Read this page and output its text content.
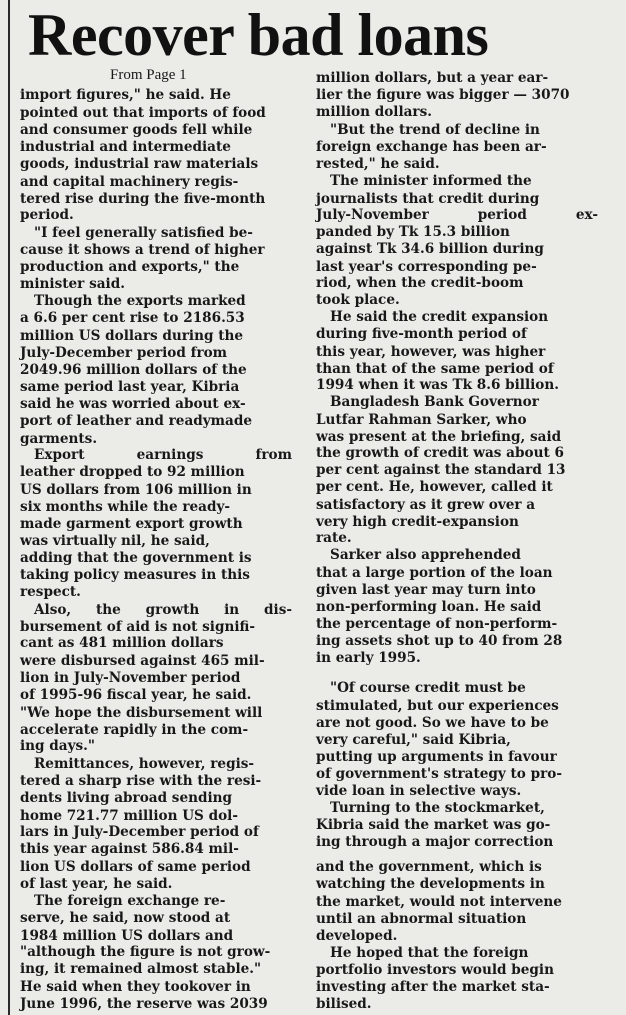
Recover bad loans
From Page 1
import figures," he said. He
pointed out that imports of food
and consumer goods fell while
industrial and intermediate
goods, industrial raw materials
and capital machinery regis-
tered rise during the five-month
period.
"I feel generally satisfied be-
cause it shows a trend of higher
production and exports," the
minister said.
Though the exports marked
a 6.6 per cent rise to 2186.53
million US dollars during the
July-December period from
2049.96 million dollars of the
same period last year, Kibria
said he was worried about ex-
port of leather and readymade
garments.
Export earnings from
leather dropped to 92 million
US dollars from 106 million in
six months while the ready-
made garment export growth
was virtually nil, he said,
adding that the government is
taking policy measures in this
respect.
Also, the growth in dis-
bursement of aid is not signifi-
cant as 481 million dollars
were disbursed against 465 mil-
lion in July-November period
of 1995-96 fiscal year, he said.
"We hope the disbursement will
accelerate rapidly in the com-
ing days."
Remittances, however, regis-
tered a sharp rise with the resi-
dents living abroad sending
home 721.77 million US dol-
lars in July-December period of
this year against 586.84 mil-
lion US dollars of same period
of last year, he said.
The foreign exchange re-
serve, he said, now stood at
1984 million US dollars and
"although the figure is not grow-
ing, it remained almost stable."
He said when they tookover in
June 1996, the reserve was 2039
million dollars, but a year ear-
lier the figure was bigger — 3070
million dollars.
"But the trend of decline in
foreign exchange has been ar-
rested," he said.
The minister informed the
journalists that credit during
July-November period ex-
panded by Tk 15.3 billion
against Tk 34.6 billion during
last year's corresponding pe-
riod, when the credit-boom
took place.
He said the credit expansion
during five-month period of
this year, however, was higher
than that of the same period of
1994 when it was Tk 8.6 billion.
Bangladesh Bank Governor
Lutfar Rahman Sarker, who
was present at the briefing, said
the growth of credit was about 6
per cent against the standard 13
per cent. He, however, called it
satisfactory as it grew over a
very high credit-expansion
rate.
Sarker also apprehended
that a large portion of the loan
given last year may turn into
non-performing loan. He said
the percentage of non-perform-
ing assets shot up to 40 from 28
in early 1995.
"Of course credit must be
stimulated, but our experiences
are not good. So we have to be
very careful," said Kibria,
putting up arguments in favour
of government's strategy to pro-
vide loan in selective ways.
Turning to the stockmarket,
Kibria said the market was go-
ing through a major correction
and the government, which is
watching the developments in
the market, would not intervene
until an abnormal situation
developed.
He hoped that the foreign
portfolio investors would begin
investing after the market sta-
bilised.
